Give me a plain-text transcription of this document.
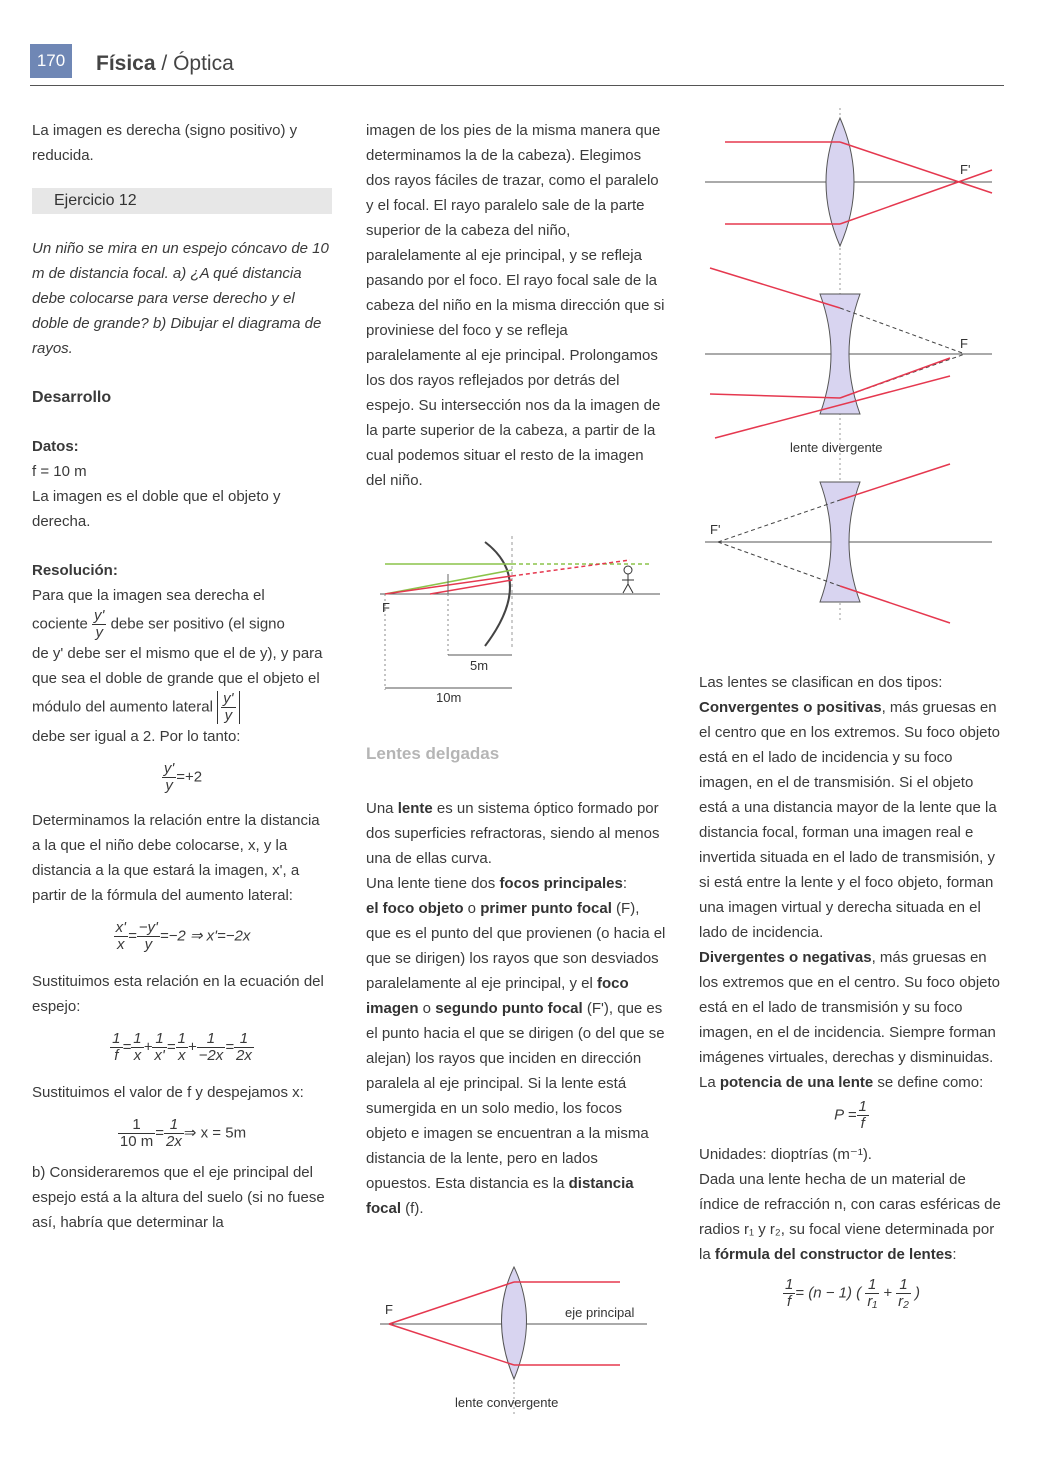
170	Física / Óptica

La imagen es derecha (signo positivo) y reducida.

Ejercicio 12

Un niño se mira en un espejo cóncavo de 10 m de distancia focal. a) ¿A qué distancia debe colocarse para verse derecho y el doble de grande? b) Dibujar el diagrama de rayos.

Desarrollo

Datos:

f = 10 m

La imagen es el doble que el objeto y derecha.

Resolución:

Para que la imagen sea derecha el

cociente $\frac{y'}{y}$ debe ser positivo (el signo

de y' debe ser el mismo que el de y), y para que sea el doble de grande que el objeto el módulo del aumento lateral $\frac{y'}{y}$

debe ser igual a 2. Por lo tanto:

$\frac{y'}{y} =+2$

Determinamos la relación entre la distancia a la que el niño debe colocarse, x, y la distancia a la que estará la imagen, x', a partir de la fórmula del aumento lateral:

$\frac{x'}{x} = \frac{-y'}{y} =-2$ ⇒ x'=−2x

Sustituimos esta relación en la ecuación del espejo:

$\frac{1}{f} = \frac{1}{x} + \frac{1}{x'} = \frac{1}{x} + \frac{1}{-2x} = \frac{1}{2x}$

Sustituimos el valor de f y despejamos x:

$\frac{1}{10 m} = \frac{1}{2x}$ ⇒ x = 5m

b) Consideraremos que el eje principal del espejo está a la altura del suelo (si no fuese así, habría que determinar la

imagen de los pies de la misma manera que determinamos la de la cabeza). Elegimos dos rayos fáciles de trazar, como el paralelo y el focal. El rayo paralelo sale de la parte superior de la cabeza del niño, paralelamente al eje principal, y se refleja pasando por el foco. El rayo focal sale de la cabeza del niño en la misma dirección que si proviniese del foco y se refleja paralelamente al eje principal. Prolongamos los dos rayos reflejados por detrás del espejo. Su intersección nos da la imagen de la parte superior de la cabeza, a partir de la cual podemos situar el resto de la imagen del niño.

F
5m
10m

Lentes delgadas

Una lente es un sistema óptico formado por dos superficies refractoras, siendo al menos una de ellas curva.

Una lente tiene dos focos principales:

el foco objeto o primer punto focal (F), que es el punto del que provienen (o hacia el que se dirigen) los rayos que son desviados paralelamente al eje principal, y el foco imagen o segundo punto focal (F'), que es el punto hacia el que se dirigen (o del que se alejan) los rayos que inciden en dirección paralela al eje principal. Si la lente está sumergida en un solo medio, los focos objeto e imagen se encuentran a la misma distancia de la lente, pero en lados opuestos. Esta distancia es la distancia focal (f).

F	eje principal
lente convergente
F'
F
lente divergente
F'

Las lentes se clasifican en dos tipos:

Convergentes o positivas, más gruesas en el centro que en los extremos. Su foco objeto está en el lado de incidencia y su foco imagen, en el de transmisión. Si el objeto está a una distancia mayor de la lente que la distancia focal, forman una imagen real e invertida situada en el lado de transmisión, y si está entre la lente y el foco objeto, forman una imagen virtual y derecha situada en el lado de incidencia.

Divergentes o negativas, más gruesas en los extremos que en el centro. Su foco objeto está en el lado de transmisión y su foco imagen, en el de incidencia. Siempre forman imágenes virtuales, derechas y disminuidas.

La potencia de una lente se define como:

$P = \frac{1}{f}$

Unidades: dioptrías (m⁻¹).

Dada una lente hecha de un material de índice de refracción n, con caras esféricas de radios r₁ y r₂, su focal viene determinada por la fórmula del constructor de lentes:

$\frac{1}{f} = (n - 1)$ ( $\frac{1}{\text{r₁}} + \frac{1}{\text{r₂}}$ )
